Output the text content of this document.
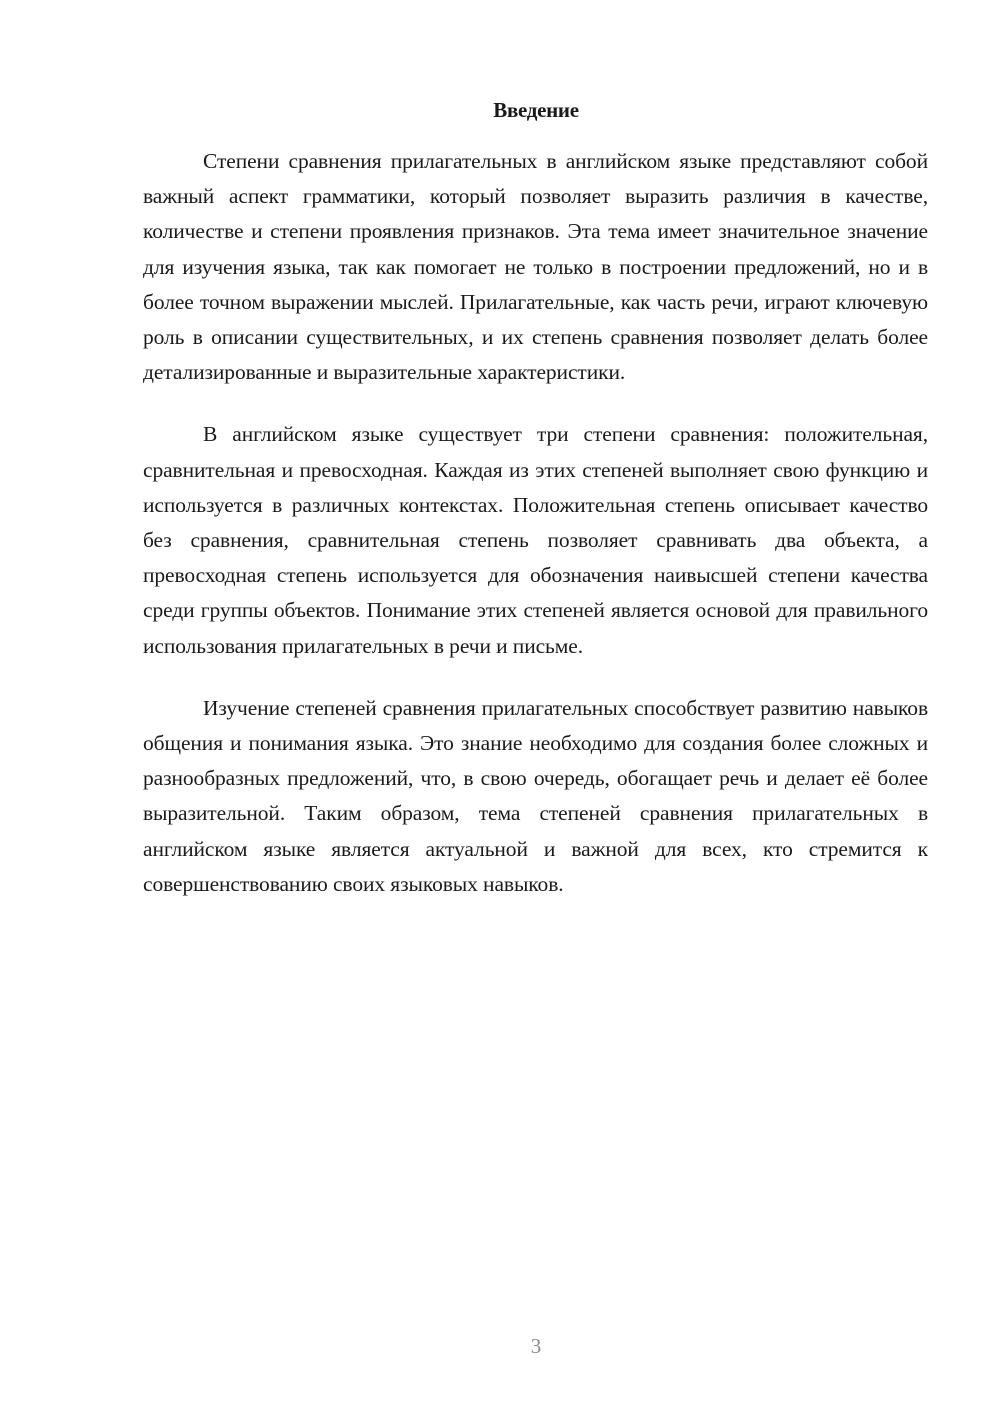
Введение

Степени сравнения прилагательных в английском языке представляют собой важный аспект грамматики, который позволяет выразить различия в качестве, количестве и степени проявления признаков. Эта тема имеет значительное значение для изучения языка, так как помогает не только в построении предложений, но и в более точном выражении мыслей. Прилагательные, как часть речи, играют ключевую роль в описании существительных, и их степень сравнения позволяет делать более детализированные и выразительные характеристики.

В английском языке существует три степени сравнения: положительная, сравнительная и превосходная. Каждая из этих степеней выполняет свою функцию и используется в различных контекстах. Положительная степень описывает качество без сравнения, сравнительная степень позволяет сравнивать два объекта, а превосходная степень используется для обозначения наивысшей степени качества среди группы объектов. Понимание этих степеней является основой для правильного использования прилагательных в речи и письме.

Изучение степеней сравнения прилагательных способствует развитию навыков общения и понимания языка. Это знание необходимо для создания более сложных и разнообразных предложений, что, в свою очередь, обогащает речь и делает её более выразительной. Таким образом, тема степеней сравнения прилагательных в английском языке является актуальной и важной для всех, кто стремится к совершенствованию своих языковых навыков.

3
